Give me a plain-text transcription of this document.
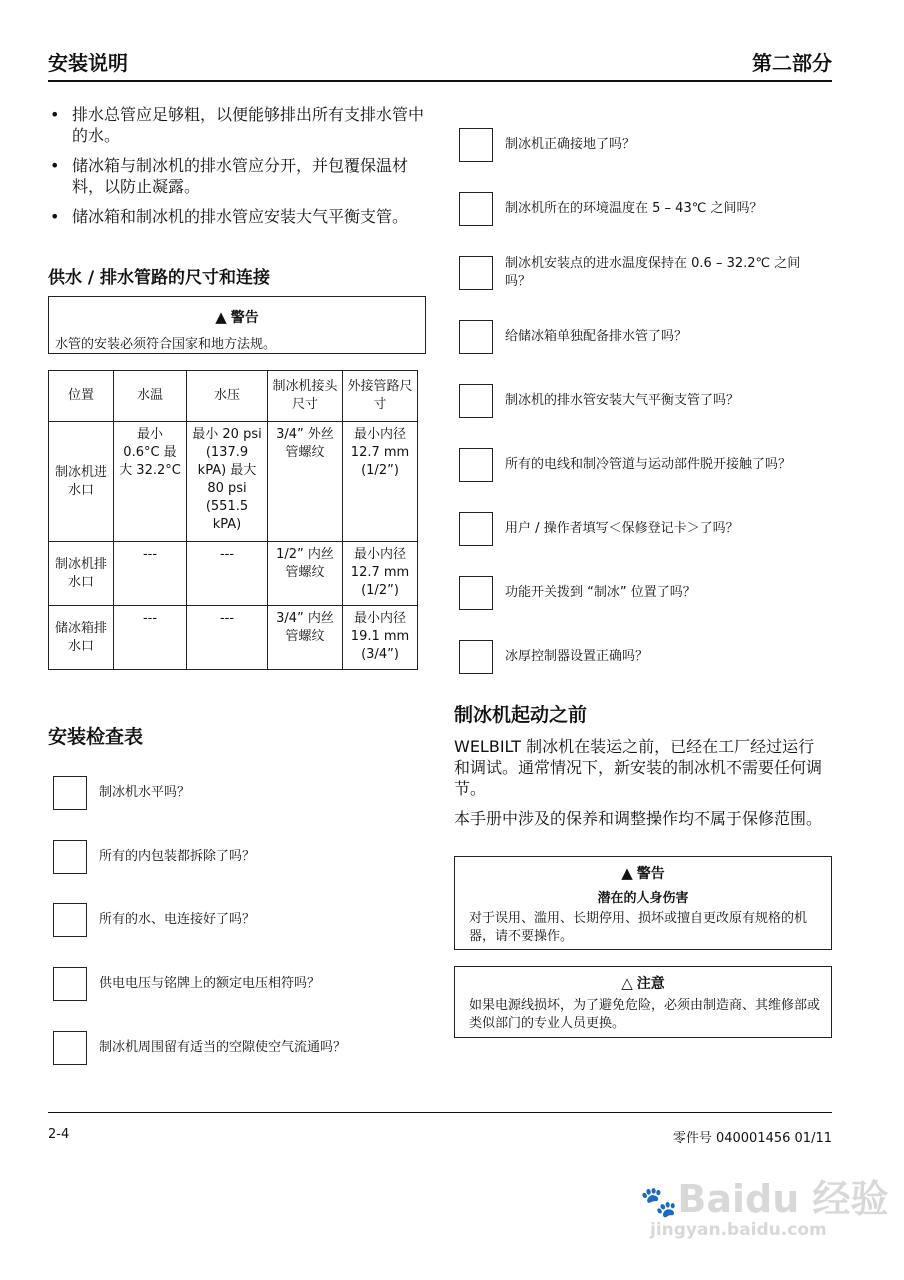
安装说明	第二部分
• 排水总管应足够粗，以便能够排出所有支排水管中的水。
• 储冰箱与制冰机的排水管应分开，并包覆保温材料，以防止凝露。
• 储冰箱和制冰机的排水管应安装大气平衡支管。
供水 / 排水管路的尺寸和连接
▲ 警告
水管的安装必须符合国家和地方法规。
位置	水温	水压	制冰机接头尺寸	外接管路尺寸
制冰机进水口	最小 0.6°C 最大 32.2°C	最小 20 psi (137.9 kPA) 最大 80 psi (551.5 kPA)	3/4” 外丝管螺纹	最小内径 12.7 mm (1/2”)
制冰机排水口	---	---	1/2” 内丝管螺纹	最小内径 12.7 mm (1/2”)
储冰箱排水口	---	---	3/4” 内丝管螺纹	最小内径 19.1 mm (3/4”)
安装检查表
制冰机水平吗？
所有的内包装都拆除了吗？
所有的水、电连接好了吗？
供电电压与铭牌上的额定电压相符吗？
制冰机周围留有适当的空隙使空气流通吗？
制冰机正确接地了吗？
制冰机所在的环境温度在 5 – 43℃ 之间吗？
制冰机安装点的进水温度保持在 0.6 – 32.2℃ 之间吗？
给储冰箱单独配备排水管了吗？
制冰机的排水管安装大气平衡支管了吗？
所有的电线和制冷管道与运动部件脱开接触了吗？
用户 / 操作者填写＜保修登记卡＞了吗？
功能开关拨到 “制冰” 位置了吗？
冰厚控制器设置正确吗？
制冰机起动之前
WELBILT 制冰机在装运之前，已经在工厂经过运行和调试。通常情况下，新安装的制冰机不需要任何调节。
本手册中涉及的保养和调整操作均不属于保修范围。
▲ 警告
潜在的人身伤害
对于误用、滥用、长期停用、损坏或擅自更改原有规格的机器，请不要操作。
△ 注意
如果电源线损坏，为了避免危险，必须由制造商、其维修部或类似部门的专业人员更换。
2-4	零件号 040001456 01/11
🐾Baidu 经验
jingyan.baidu.com
